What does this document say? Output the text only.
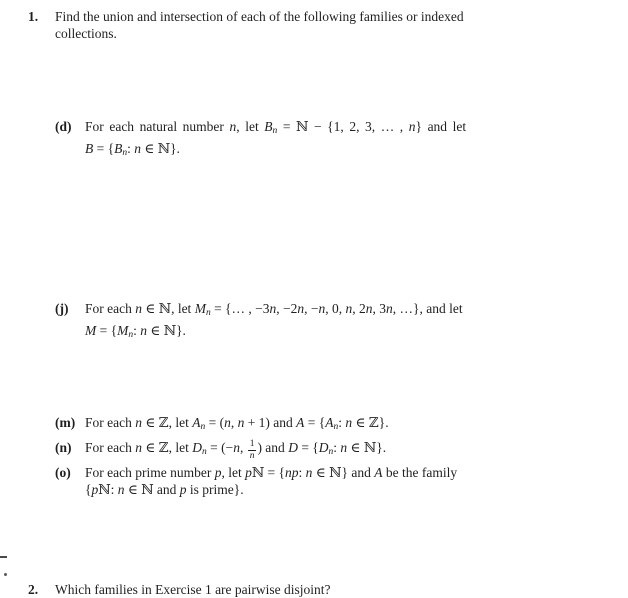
1.	Find the union and intersection of each of the following families or indexed
collections.
(d)	For each natural number n, let $B_n$ = ℕ − {1, 2, 3, … , n} and let
$B = \{B_n$: n ∈ ℕ}.
(j)	For each n ∈ ℕ, let $M_n$ = {… , −3n, −2n, −n, 0, n, 2n, 3n, …}, and let
$M = \{M_n$: n ∈ ℕ}.
(m) For each n ∈ ℤ, let $A_n = (n$, n + 1) and $A = \{A_n$: n ∈ ℤ}.
(n)	For each n ∈ ℤ, let $D_n = (-n$, $\frac{1}{n}$ ) and $D = \{D_n$: n ∈ ℕ}.
(o)	For each prime number p, let pℕ = {np: n ∈ ℕ} and A be the family
{pℕ: n ∈ ℕ and p is prime}.
2.	Which families in Exercise 1 are pairwise disjoint?
